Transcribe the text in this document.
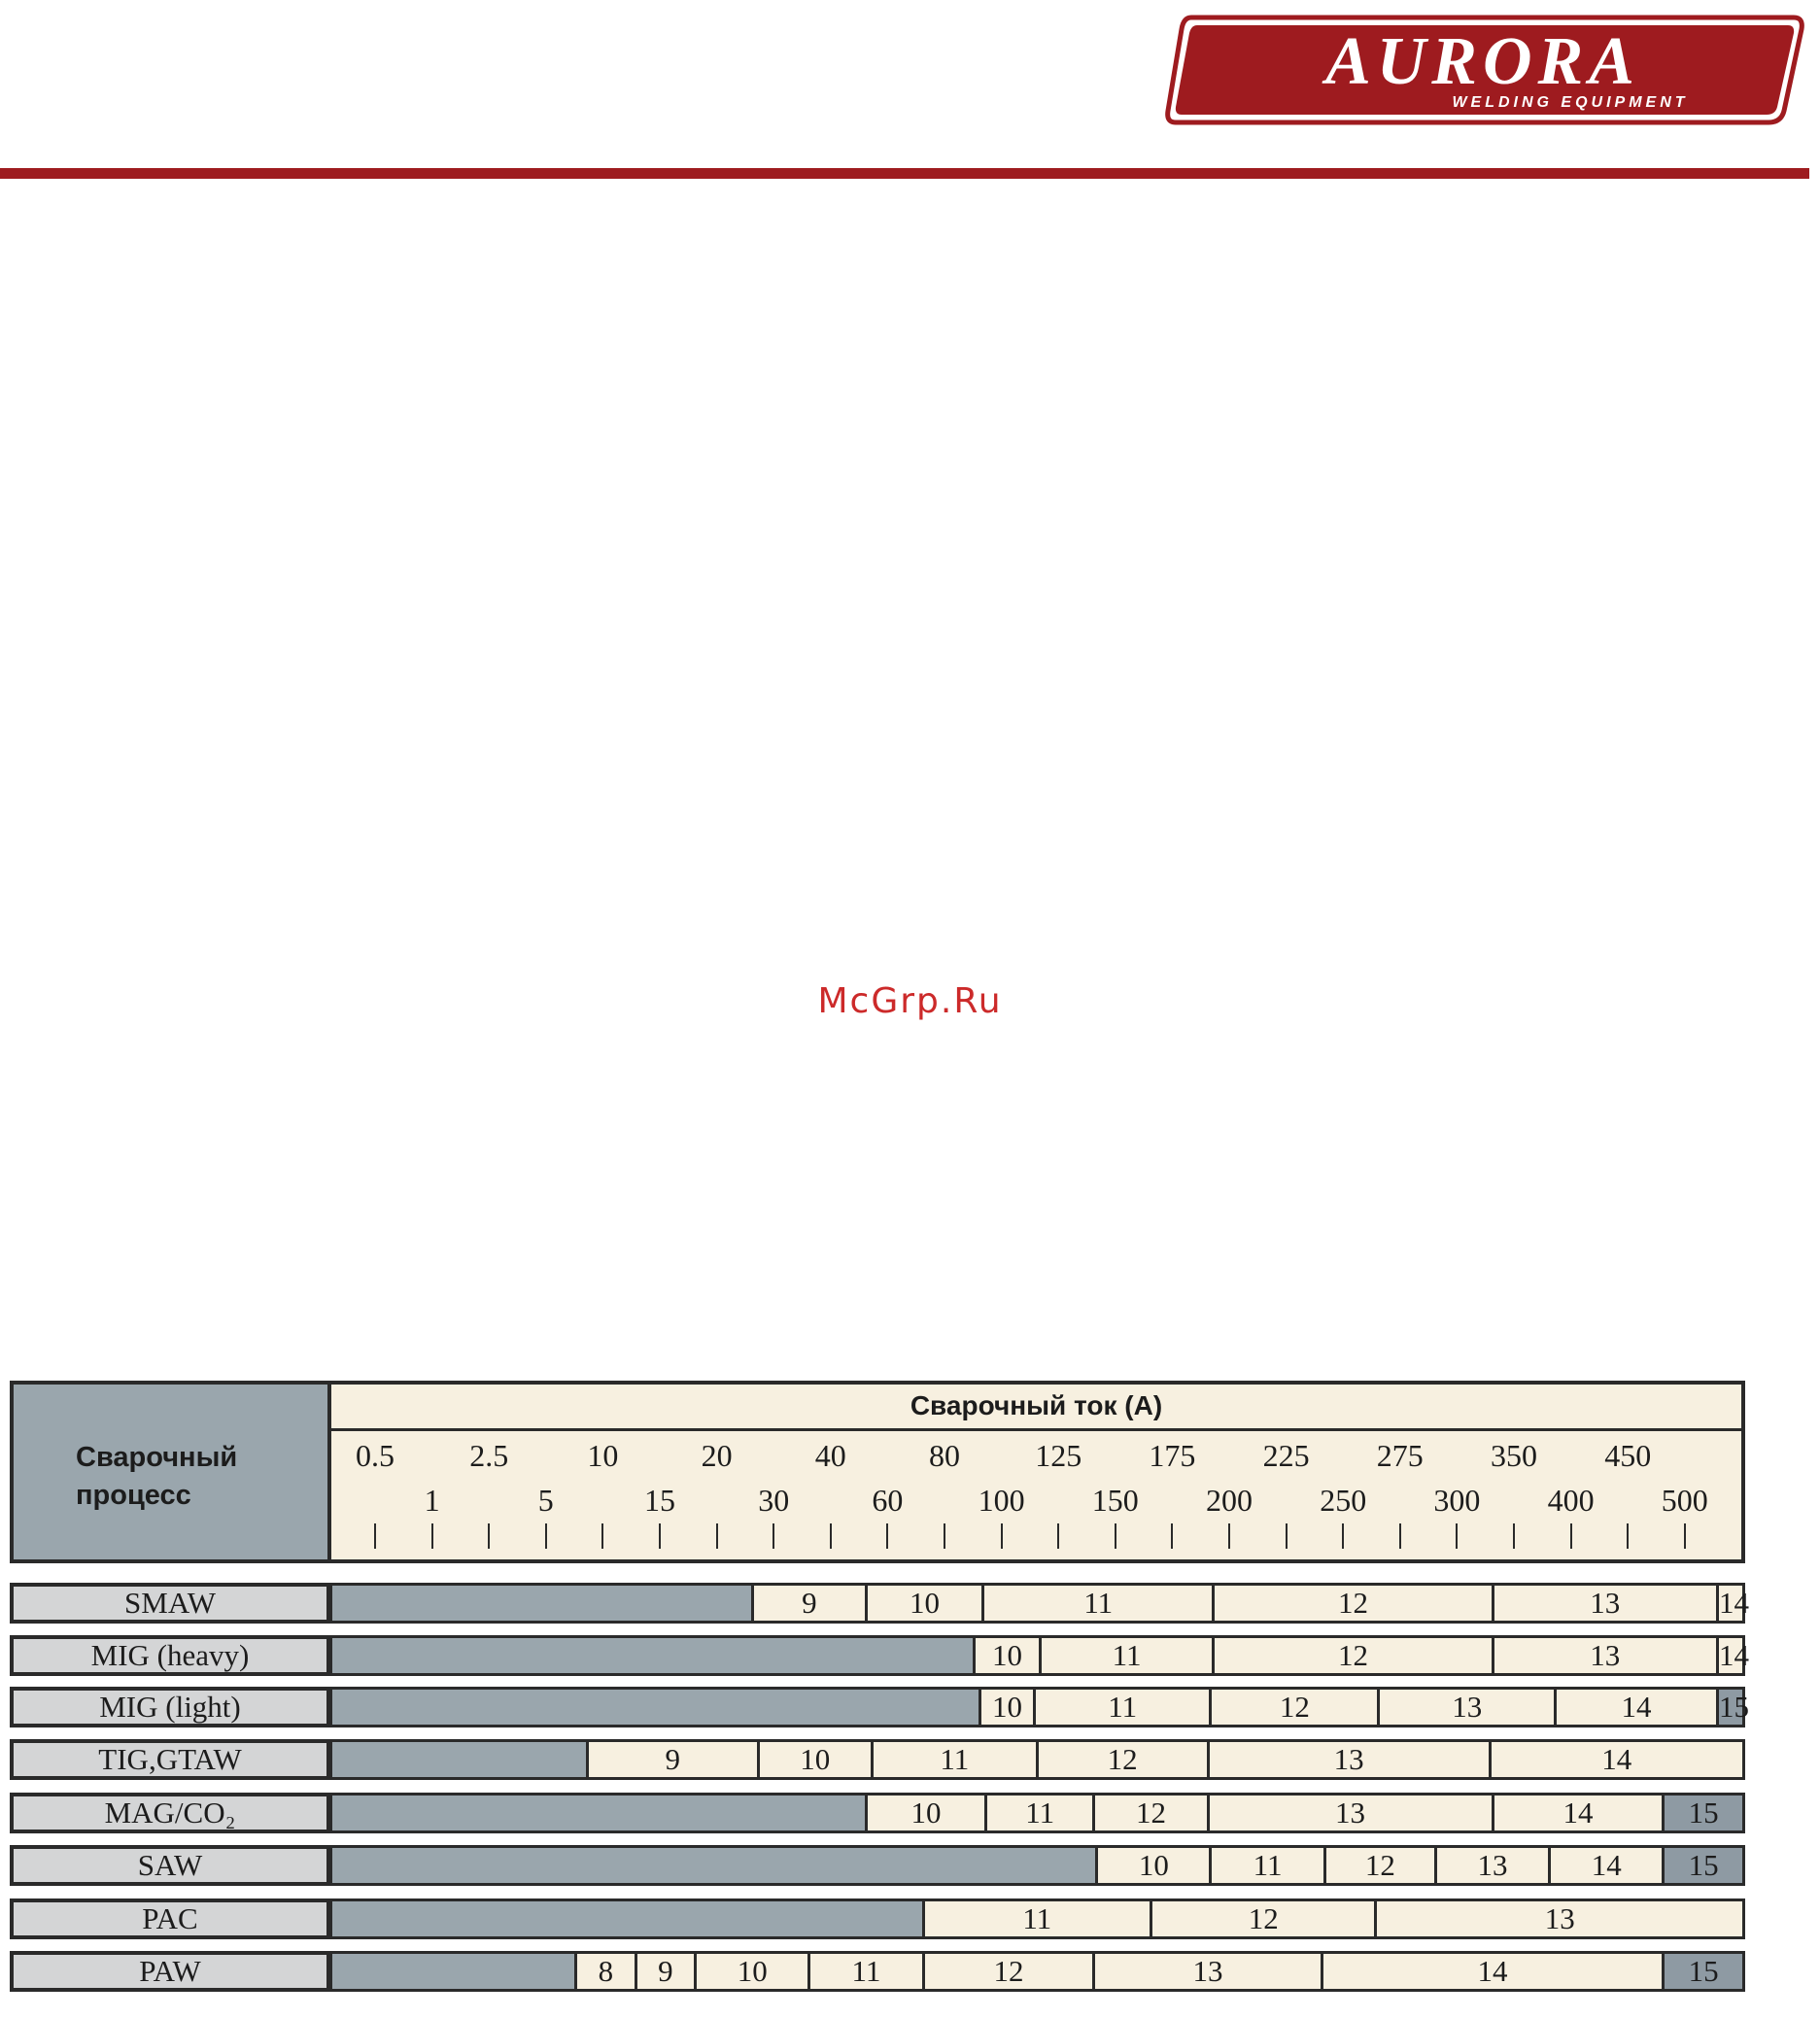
AURORA
WELDING EQUIPMENT
McGrp.Ru
Сварочный процесс
Сварочный ток (А)
0.5 2.5	10	20	40	80 125 175 225 275 350 450
1	5	15	30	60 100 150 200 250 300 400 500
SMAW	9	10	11	12	13	14
MIG (heavy)	10	11	12	13	14
MIG (light)	10	11	12	13	14	15
TIG,GTAW	9	10	11	12	13	14
MAG/CO₂	10	11	12	13	14	15
SAW	10	11	12	13	14	15
PAC	11	12	13
PAW	8	9	10	11	12	13	14	15
